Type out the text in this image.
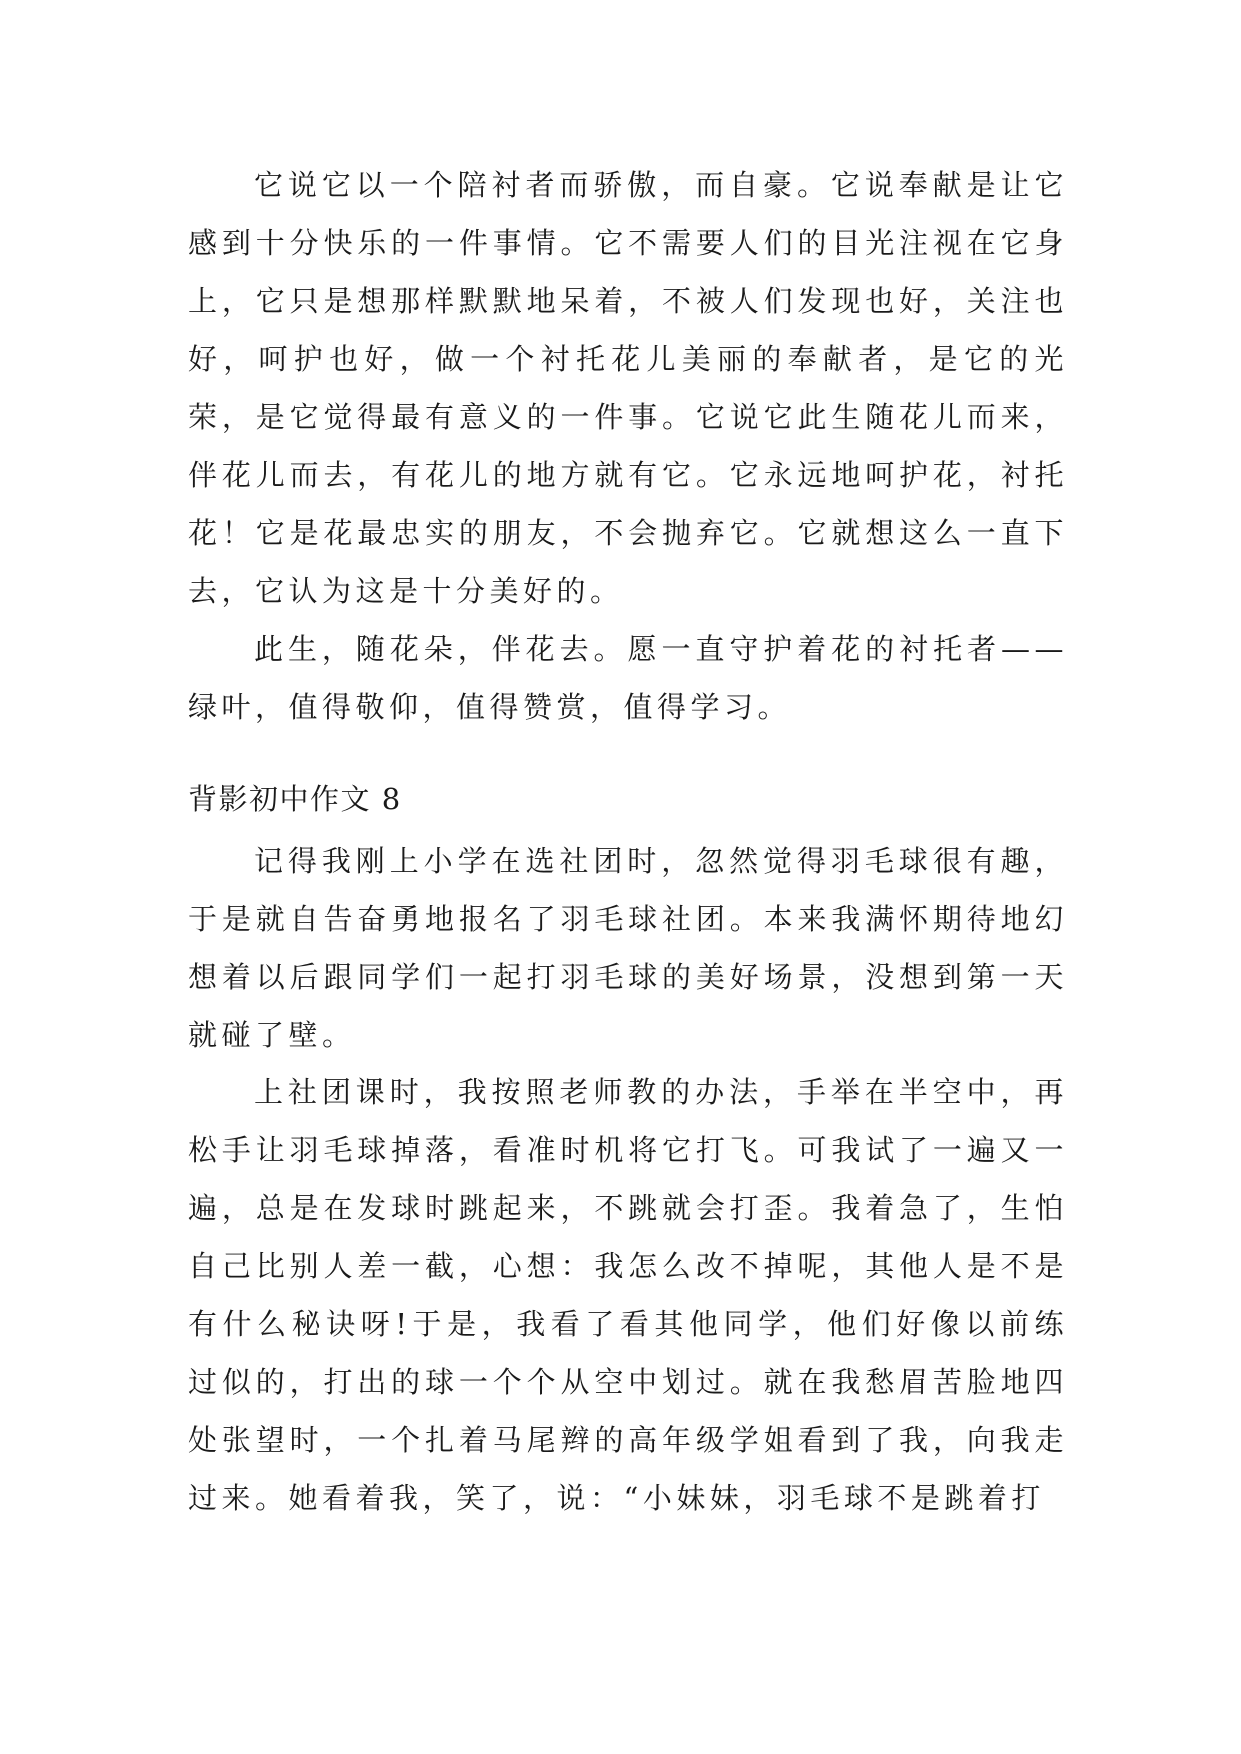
它说它以一个陪衬者而骄傲，而自豪。它说奉献是让它感到十分快乐的一件事情。它不需要人们的目光注视在它身上，它只是想那样默默地呆着，不被人们发现也好，关注也好，呵护也好，做一个衬托花儿美丽的奉献者，是它的光荣，是它觉得最有意义的一件事。它说它此生随花儿而来，伴花儿而去，有花儿的地方就有它。它永远地呵护花，衬托花！它是花最忠实的朋友，不会抛弃它。它就想这么一直下去，它认为这是十分美好的。

此生，随花朵，伴花去。愿一直守护着花的衬托者——绿叶，值得敬仰，值得赞赏，值得学习。

背影初中作文 8

记得我刚上小学在选社团时，忽然觉得羽毛球很有趣，于是就自告奋勇地报名了羽毛球社团。本来我满怀期待地幻想着以后跟同学们一起打羽毛球的美好场景，没想到第一天就碰了壁。

上社团课时，我按照老师教的办法，手举在半空中，再松手让羽毛球掉落，看准时机将它打飞。可我试了一遍又一遍，总是在发球时跳起来，不跳就会打歪。我着急了，生怕自己比别人差一截，心想：我怎么改不掉呢，其他人是不是有什么秘诀呀!于是，我看了看其他同学，他们好像以前练过似的，打出的球一个个从空中划过。就在我愁眉苦脸地四处张望时，一个扎着马尾辫的高年级学姐看到了我，向我走过来。她看着我，笑了，说：“小妹妹，羽毛球不是跳着打
